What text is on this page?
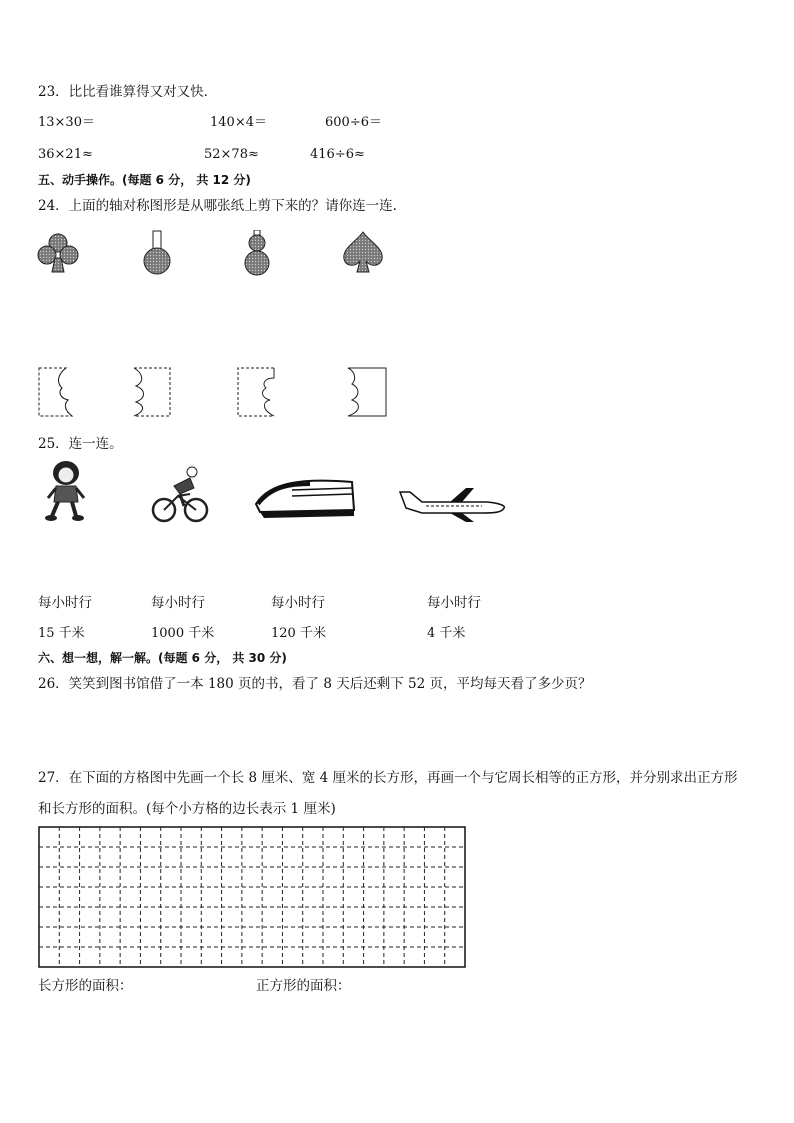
23．比比看谁算得又对又快．
13×30＝	140×4＝	600÷6＝
36×21≈	52×78≈	416÷6≈
五、动手操作。(每题 6 分， 共 12 分)
24．上面的轴对称图形是从哪张纸上剪下来的？请你连一连.
25．连一连。
每小时行	每小时行	每小时行	每小时行
15 千米	1000 千米	120 千米	4 千米
六、想一想，解一解。(每题 6 分， 共 30 分)
26．笑笑到图书馆借了一本 180 页的书，看了 8 天后还剩下 52 页，平均每天看了多少页？
27．在下面的方格图中先画一个长 8 厘米、宽 4 厘米的长方形，再画一个与它周长相等的正方形，并分别求出正方形
和长方形的面积。(每个小方格的边长表示 1 厘米)
长方形的面积：	正方形的面积：
